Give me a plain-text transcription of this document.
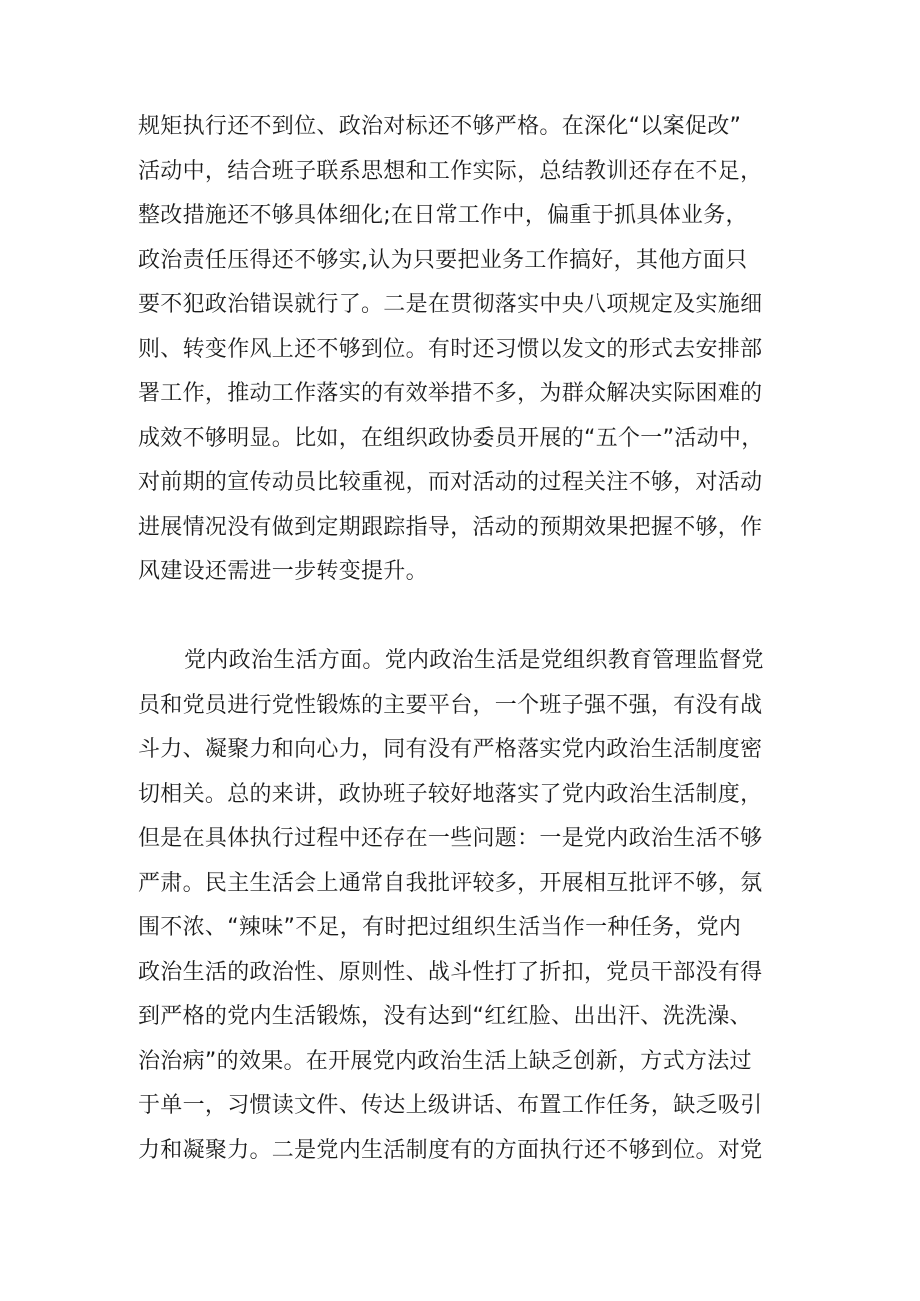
规矩执行还不到位、政治对标还不够严格。在深化“以案促改”

活动中，结合班子联系思想和工作实际，总结教训还存在不足，

整改措施还不够具体细化;在日常工作中，偏重于抓具体业务，

政治责任压得还不够实,认为只要把业务工作搞好，其他方面只

要不犯政治错误就行了。二是在贯彻落实中央八项规定及实施细

则、转变作风上还不够到位。有时还习惯以发文的形式去安排部

署工作，推动工作落实的有效举措不多，为群众解决实际困难的

成效不够明显。比如，在组织政协委员开展的“五个一”活动中，

对前期的宣传动员比较重视，而对活动的过程关注不够，对活动

进展情况没有做到定期跟踪指导，活动的预期效果把握不够，作

风建设还需进一步转变提升。

党内政治生活方面。党内政治生活是党组织教育管理监督党

员和党员进行党性锻炼的主要平台，一个班子强不强，有没有战

斗力、凝聚力和向心力，同有没有严格落实党内政治生活制度密

切相关。总的来讲，政协班子较好地落实了党内政治生活制度，

但是在具体执行过程中还存在一些问题：一是党内政治生活不够

严肃。民主生活会上通常自我批评较多，开展相互批评不够，氛

围不浓、“辣味”不足，有时把过组织生活当作一种任务，党内

政治生活的政治性、原则性、战斗性打了折扣，党员干部没有得

到严格的党内生活锻炼，没有达到“红红脸、出出汗、洗洗澡、

治治病”的效果。在开展党内政治生活上缺乏创新，方式方法过

于单一，习惯读文件、传达上级讲话、布置工作任务，缺乏吸引

力和凝聚力。二是党内生活制度有的方面执行还不够到位。对党
